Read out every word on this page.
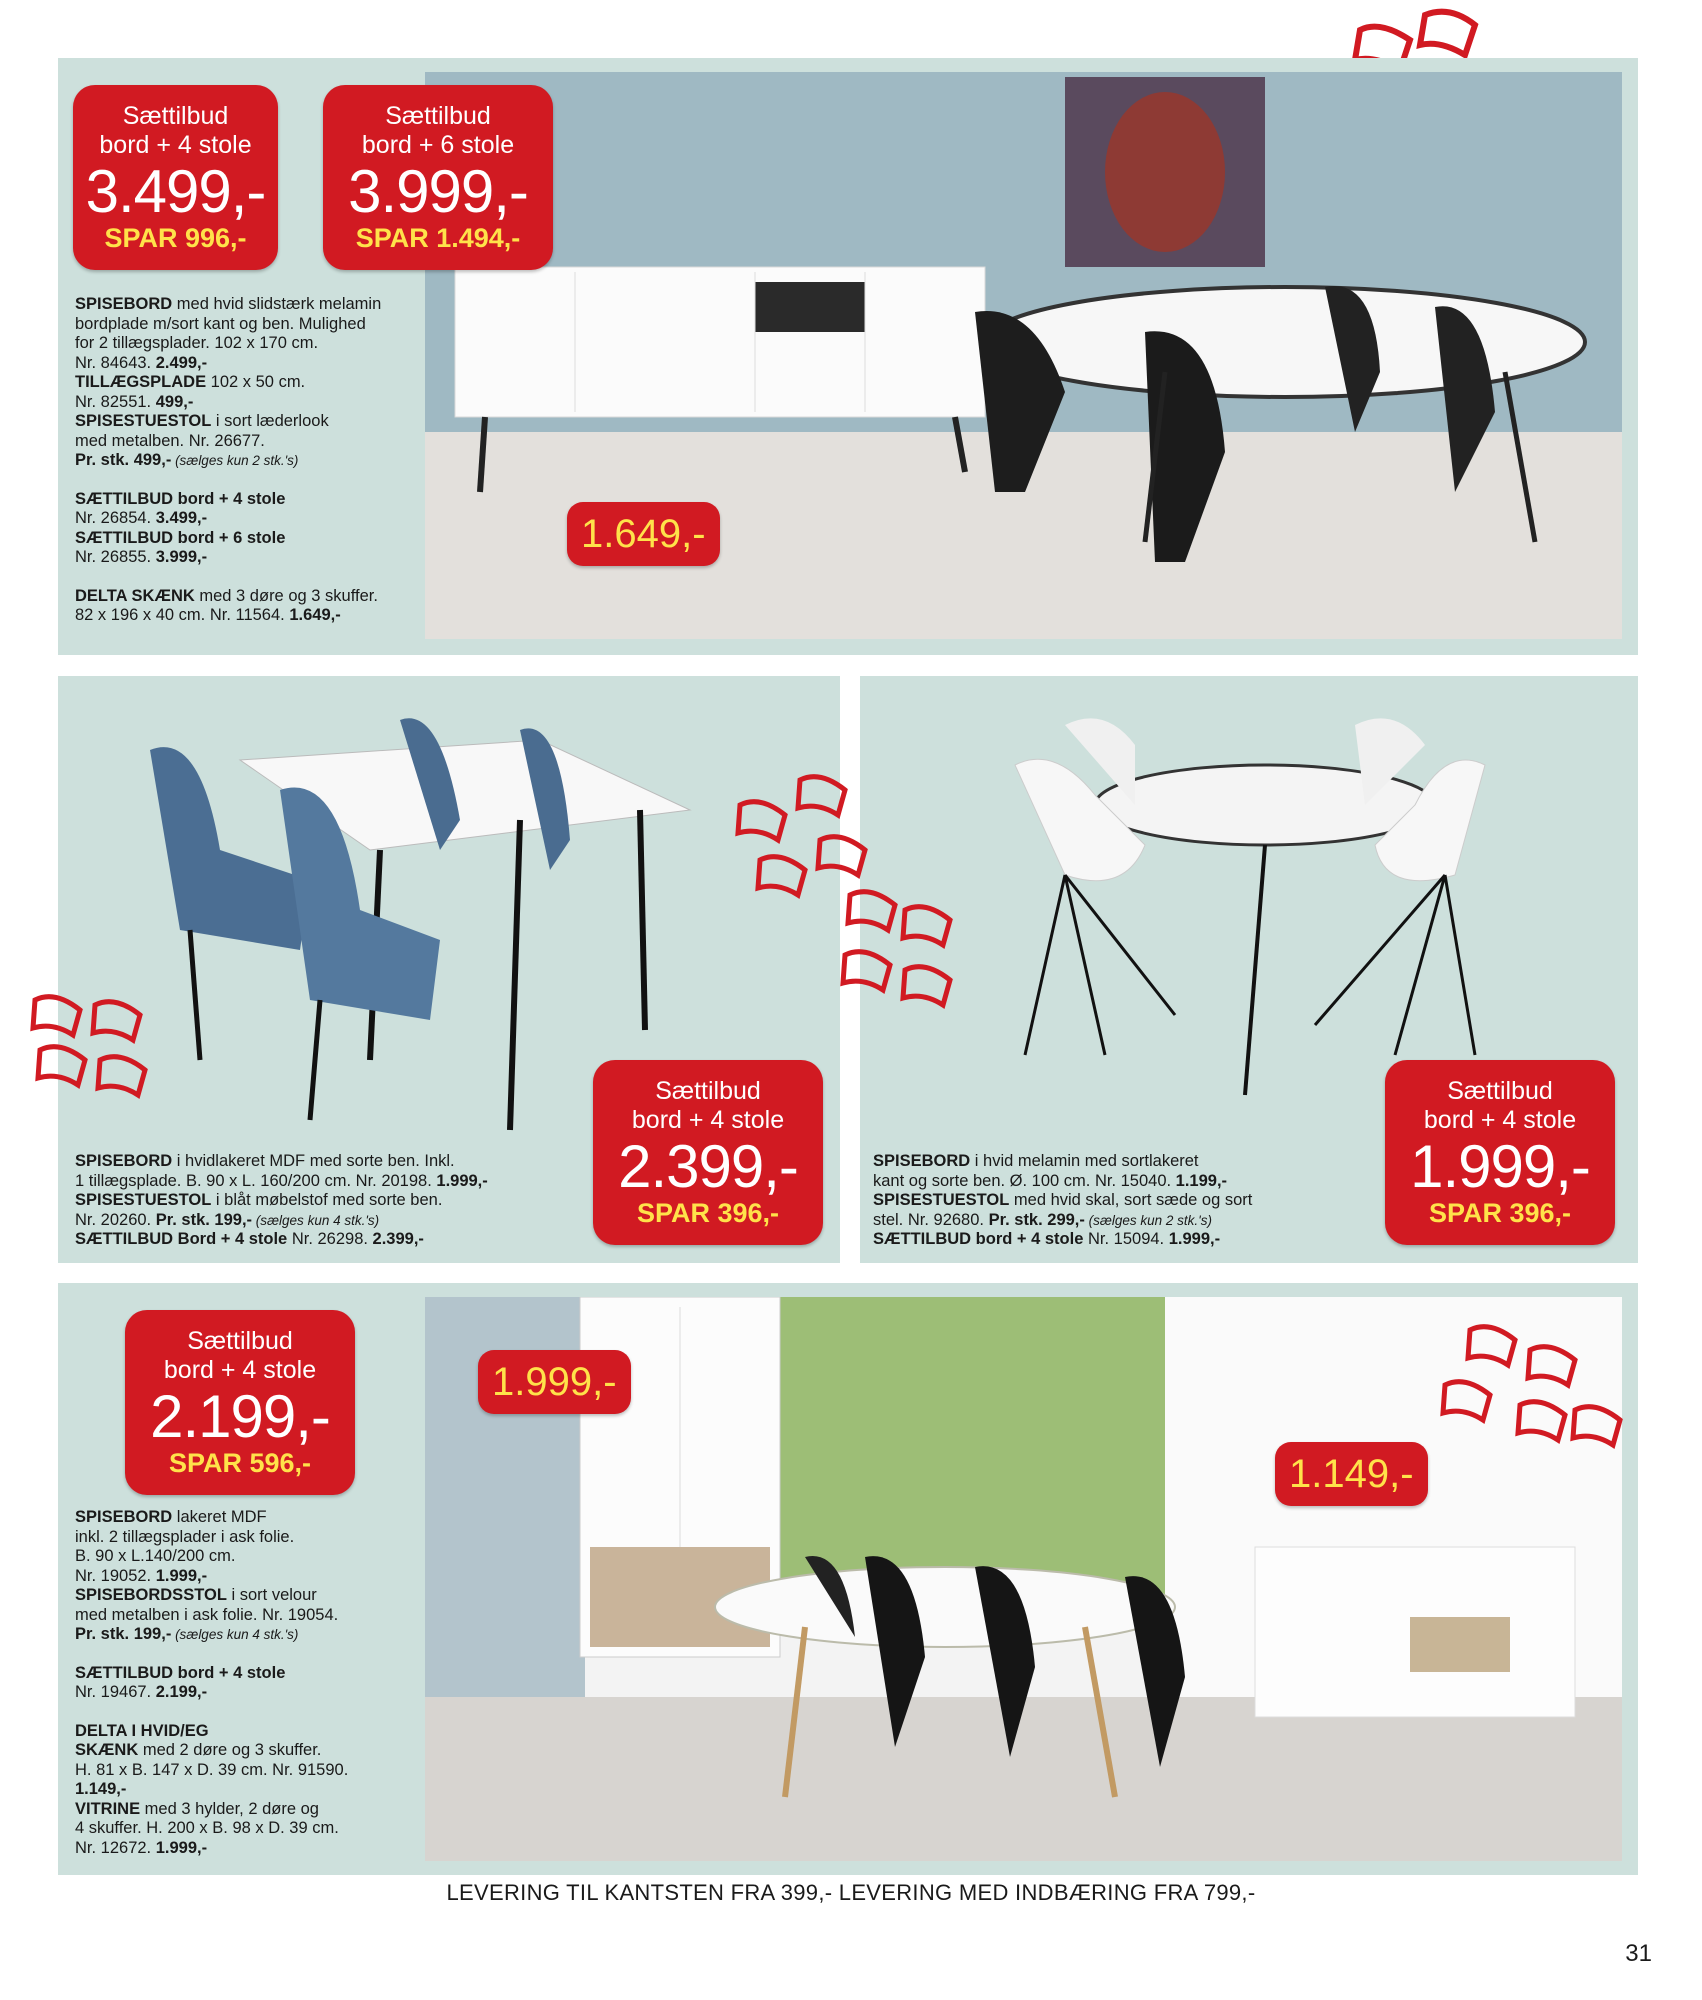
Sættilbud
bord + 4 stole
3.499,-
SPAR 996,-
Sættilbud
bord + 6 stole
3.999,-
SPAR 1.494,-
1.649,-
SPISEBORD med hvid slidstærk melamin
bordplade m/sort kant og ben. Mulighed
for 2 tillægsplader. 102 x 170 cm.
Nr. 84643. 2.499,-
TILLÆGSPLADE 102 x 50 cm.
Nr. 82551. 499,-
SPISESTUESTOL i sort læderlook
med metalben. Nr. 26677.
Pr. stk. 499,- (sælges kun 2 stk.'s)
SÆTTILBUD bord + 4 stole
Nr. 26854. 3.499,-
SÆTTILBUD bord + 6 stole
Nr. 26855. 3.999,-
DELTA SKÆNK med 3 døre og 3 skuffer.
82 x 196 x 40 cm. Nr. 11564. 1.649,-
Sættilbud
bord + 4 stole
2.399,-
SPAR 396,-
SPISEBORD i hvidlakeret MDF med sorte ben. Inkl.
1 tillægsplade. B. 90 x L. 160/200 cm. Nr. 20198. 1.999,-
SPISESTUESTOL i blåt møbelstof med sorte ben.
Nr. 20260. Pr. stk. 199,- (sælges kun 4 stk.'s)
SÆTTILBUD Bord + 4 stole Nr. 26298. 2.399,-
Sættilbud
bord + 4 stole
1.999,-
SPAR 396,-
SPISEBORD i hvid melamin med sortlakeret
kant og sorte ben. Ø. 100 cm. Nr. 15040. 1.199,-
SPISESTUESTOL med hvid skal, sort sæde og sort
stel. Nr. 92680. Pr. stk. 299,- (sælges kun 2 stk.'s)
SÆTTILBUD bord + 4 stole Nr. 15094. 1.999,-
Sættilbud
bord + 4 stole
2.199,-
SPAR 596,-
1.999,-
1.149,-
SPISEBORD lakeret MDF
inkl. 2 tillægsplader i ask folie.
B. 90 x L.140/200 cm.
Nr. 19052. 1.999,-
SPISEBORDSSTOL i sort velour
med metalben i ask folie. Nr. 19054.
Pr. stk. 199,- (sælges kun 4 stk.'s)
SÆTTILBUD bord + 4 stole
Nr. 19467. 2.199,-
DELTA I HVID/EG
SKÆNK med 2 døre og 3 skuffer.
H. 81 x B. 147 x D. 39 cm. Nr. 91590.
1.149,-
VITRINE med 3 hylder, 2 døre og
4 skuffer. H. 200 x B. 98 x D. 39 cm.
Nr. 12672. 1.999,-
LEVERING TIL KANTSTEN FRA 399,- LEVERING MED INDBÆRING FRA 799,-
31
